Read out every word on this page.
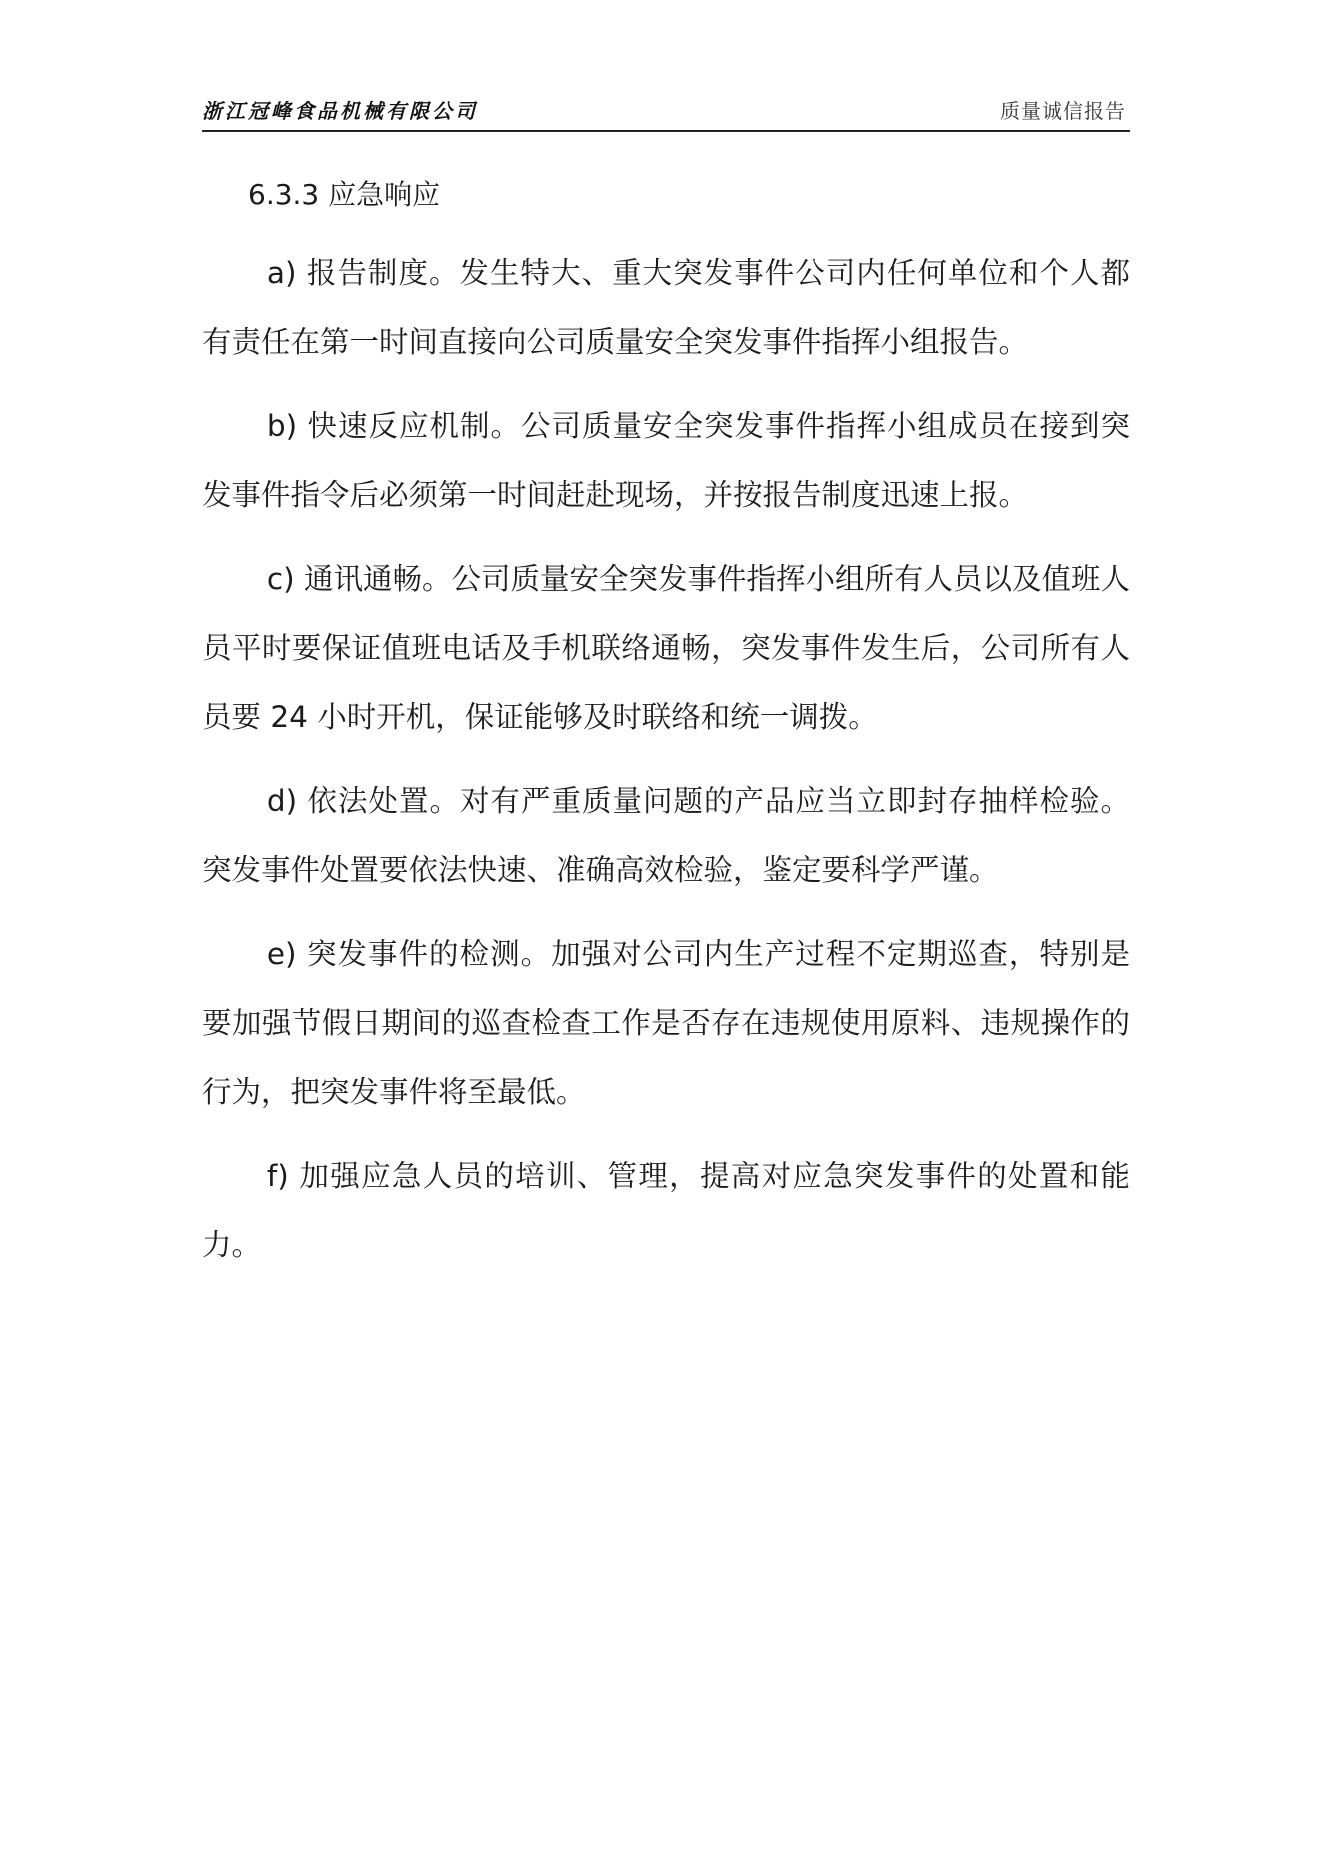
浙江冠峰食品机械有限公司	质量诚信报告
6.3.3 应急响应

a) 报告制度。发生特大、重大突发事件公司内任何单位和个人都有责任在第一时间直接向公司质量安全突发事件指挥小组报告。

b) 快速反应机制。公司质量安全突发事件指挥小组成员在接到突发事件指令后必须第一时间赶赴现场，并按报告制度迅速上报。

c) 通讯通畅。公司质量安全突发事件指挥小组所有人员以及值班人员平时要保证值班电话及手机联络通畅，突发事件发生后，公司所有人员要 24 小时开机，保证能够及时联络和统一调拨。

d) 依法处置。对有严重质量问题的产品应当立即封存抽样检验。突发事件处置要依法快速、准确高效检验，鉴定要科学严谨。

e) 突发事件的检测。加强对公司内生产过程不定期巡查，特别是要加强节假日期间的巡查检查工作是否存在违规使用原料、违规操作的行为，把突发事件将至最低。

f) 加强应急人员的培训、管理，提高对应急突发事件的处置和能力。
